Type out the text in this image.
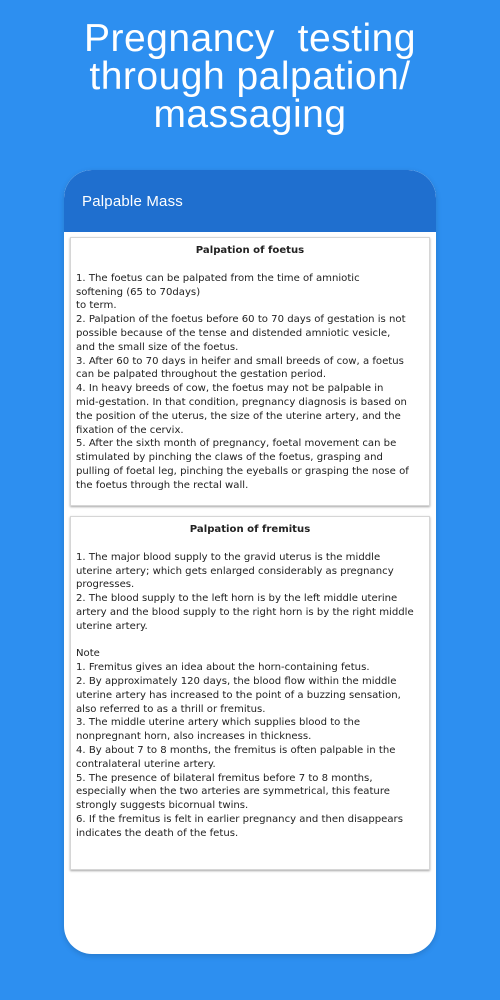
Pregnancy  testing
through palpation/
massaging
Palpable Mass
Palpation of foetus
1. The foetus can be palpated from the time of amniotic
softening (65 to 70days)
to term.
2. Palpation of the foetus before 60 to 70 days of gestation is not
possible because of the tense and distended amniotic vesicle,
and the small size of the foetus.
3. After 60 to 70 days in heifer and small breeds of cow, a foetus
can be palpated throughout the gestation period.
4. In heavy breeds of cow, the foetus may not be palpable in
mid-gestation. In that condition, pregnancy diagnosis is based on
the position of the uterus, the size of the uterine artery, and the
fixation of the cervix.
5. After the sixth month of pregnancy, foetal movement can be
stimulated by pinching the claws of the foetus, grasping and
pulling of foetal leg, pinching the eyeballs or grasping the nose of
the foetus through the rectal wall.
Palpation of fremitus
1. The major blood supply to the gravid uterus is the middle
uterine artery; which gets enlarged considerably as pregnancy
progresses.
2. The blood supply to the left horn is by the left middle uterine
artery and the blood supply to the right horn is by the right middle
uterine artery.
Note
1. Fremitus gives an idea about the horn-containing fetus.
2. By approximately 120 days, the blood flow within the middle
uterine artery has increased to the point of a buzzing sensation,
also referred to as a thrill or fremitus.
3. The middle uterine artery which supplies blood to the
nonpregnant horn, also increases in thickness.
4. By about 7 to 8 months, the fremitus is often palpable in the
contralateral uterine artery.
5. The presence of bilateral fremitus before 7 to 8 months,
especially when the two arteries are symmetrical, this feature
strongly suggests bicornual twins.
6. If the fremitus is felt in earlier pregnancy and then disappears
indicates the death of the fetus.
